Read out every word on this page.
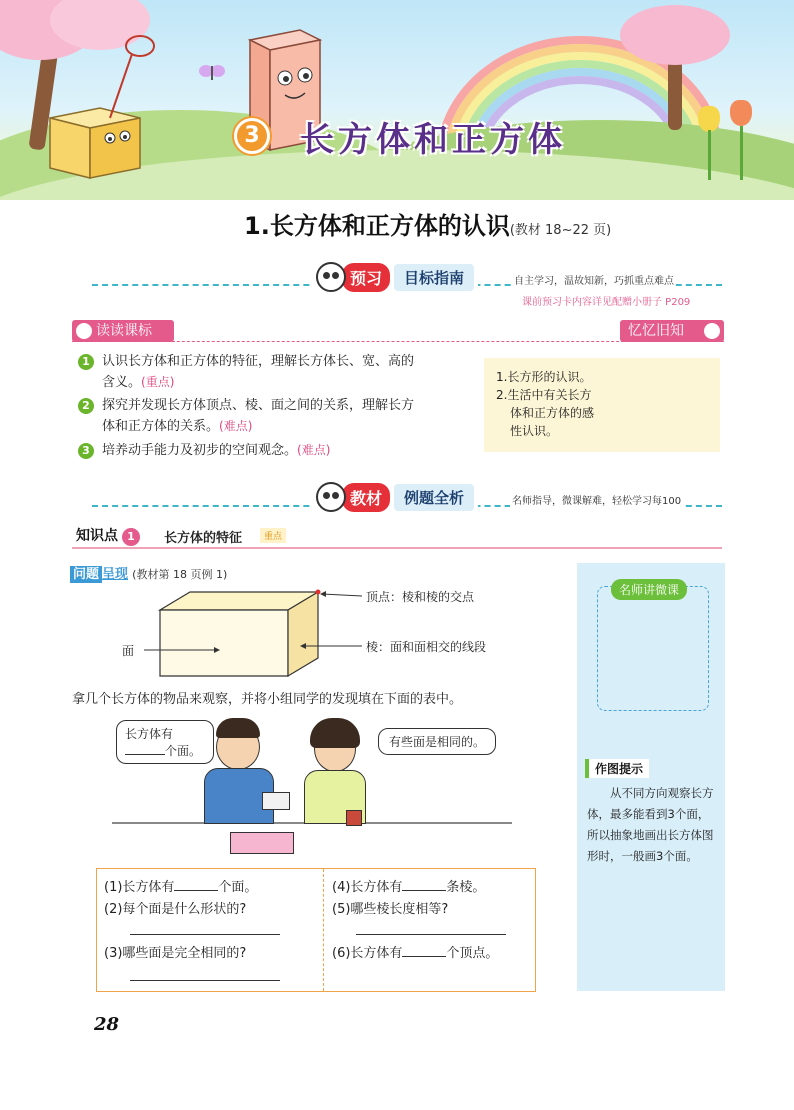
3	长方体和正方体
1.长方体和正方体的认识(教材 18~22 页)
预习	目标指南	自主学习，温故知新，巧抓重点难点
课前预习卡内容详见配赠小册子 P209
读读课标	忆忆旧知
1 认识长方体和正方体的特征，理解长方体长、宽、高的
含义。(重点)
2 探究并发现长方体顶点、棱、面之间的关系，理解长方
体和正方体的关系。(难点)
3 培养动手能力及初步的空间观念。(难点)
1.长方形的认识。
2.生活中有关长方
体和正方体的感
性认识。
教材	例题全析	名师指导，微课解难，轻松学习每100
知识点 1	长方体的特征	重点
问题 呈现 (教材第 18 页例 1)
顶点：棱和棱的交点
棱：面和面相交的线段
面
拿几个长方体的物品来观察，并将小组同学的发现填在下面的表中。
长方体有
个面。
有些面是相同的。
(1)长方体有	个面。
(2)每个面是什么形状的?
(3)哪些面是完全相同的?
(4)长方体有	条棱。
(5)哪些棱长度相等?
(6)长方体有	个顶点。
名师讲微课
作图提示
从不同方向观察长方体，最多能看到3个面，所以抽象地画出长方体图形时，一般画3个面。
28
